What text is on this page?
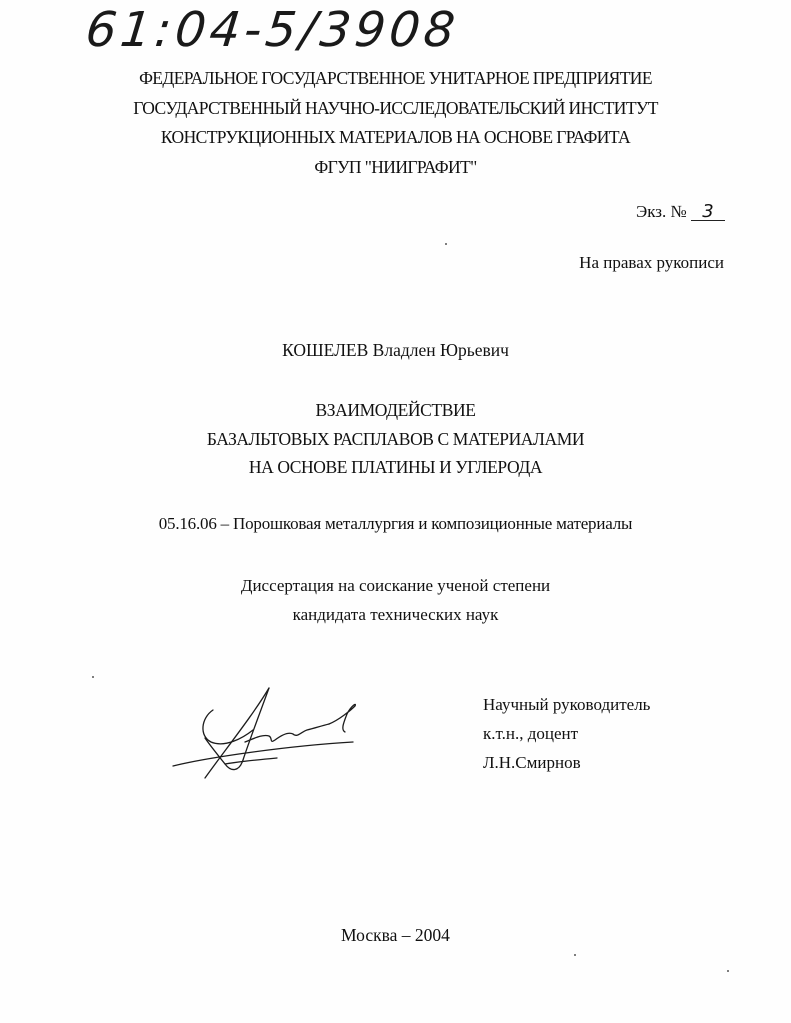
61:04-5/3908
ФЕДЕРАЛЬНОЕ ГОСУДАРСТВЕННОЕ УНИТАРНОЕ ПРЕДПРИЯТИЕ
ГОСУДАРСТВЕННЫЙ НАУЧНО-ИССЛЕДОВАТЕЛЬСКИЙ ИНСТИТУТ
КОНСТРУКЦИОННЫХ МАТЕРИАЛОВ НА ОСНОВЕ ГРАФИТА
ФГУП "НИИГРАФИТ"
Экз. № 3
На правах рукописи
КОШЕЛЕВ Владлен Юрьевич
ВЗАИМОДЕЙСТВИЕ
БАЗАЛЬТОВЫХ РАСПЛАВОВ С МАТЕРИАЛАМИ
НА ОСНОВЕ ПЛАТИНЫ И УГЛЕРОДА
05.16.06 – Порошковая металлургия и композиционные материалы
Диссертация на соискание ученой степени
кандидата технических наук
Научный руководитель
к.т.н., доцент
Л.Н.Смирнов
Москва – 2004
